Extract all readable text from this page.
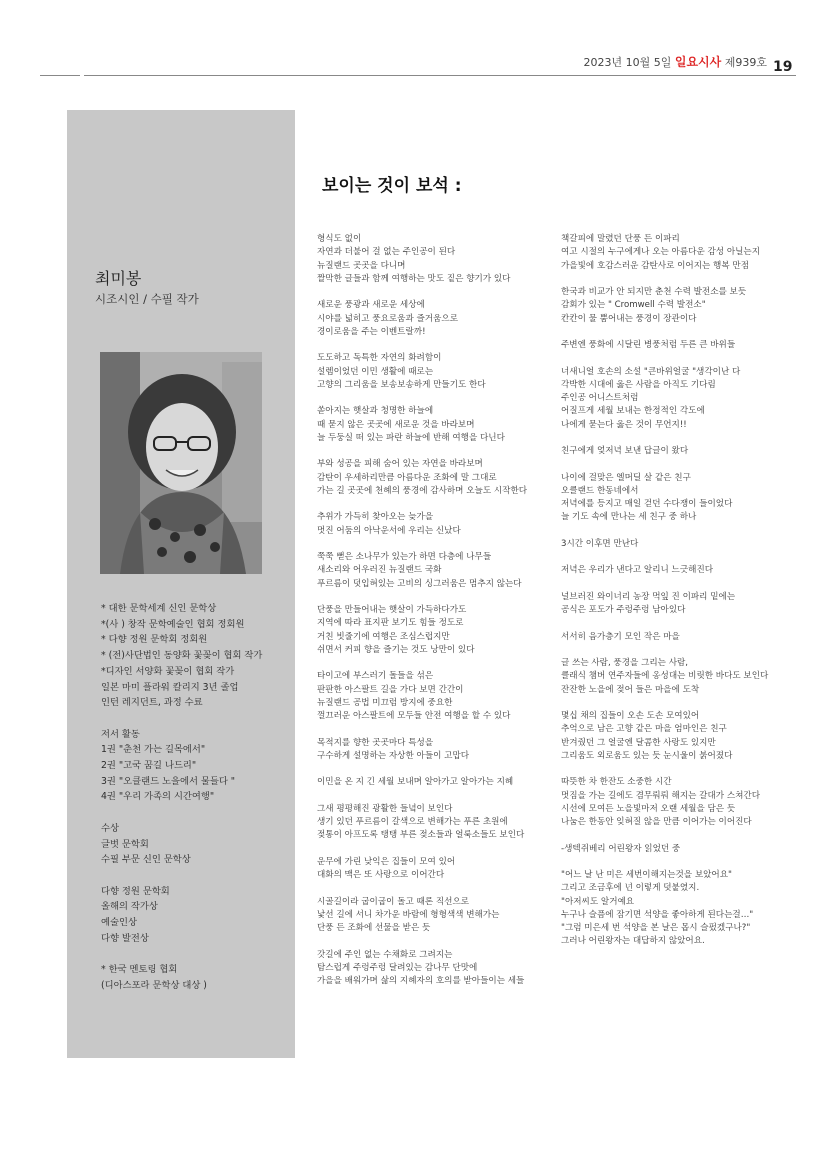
2023년 10월 5일 일요시사 제939호 19
최미봉
시조시인 / 수필 작가
* 대한 문학세계 신인 문학상
*(사 ) 창작 문학예술인 협회 정회원
* 다향 정원 문학회 정회원
* (전)사단법인 동양화 꽃꽂이 협회 작가
*디자인 서양화 꽃꽂이 협회 작가
일본 마미 플라워 칼리지 3년 졸업
인턴 레지던트, 과정 수료
저서 활동
1권 "춘천 가는 길목에서"
2권 "고국 꿈길 나드리"
3권 "오클랜드 노을에서 물들다 "
4권 "우리 가족의 시간여행"
수상
글벗 문학회
수필 부문 신인 문학상
다향 정원 문학회
올해의 작가상
예술인상
다향 발전상
* 한국 멘토링 협회
(디아스포라 문학상 대상 )
보이는 것이 보석 :
형식도 없이
자연과 더불어 걸 없는 주인공이 된다
뉴질랜드 곳곳을 다니며
짤막한 글들과 함께 여행하는 맛도 짙은 향기가 있다
새로운 풍광과 새로운 세상에
시야를 넓히고 풍요로움과 즐거움으로
경이로움을 주는 이벤트랄까!
도도하고 독특한 자연의 화려함이
설렘이었던 이민 생활에 때로는
고향의 그리움을 보송보송하게 만들기도 한다
쏟아지는 햇살과 청명한 하늘에
때 묻지 않은 곳곳에 새로운 것을 바라보며
늘 두둥실 떠 있는 파란 하늘에 반해 여행을 다닌다
부와 성공을 피해 숨어 있는 자연을 바라보며
감탄이 우세하리만큼 아름다운 조화에 말 그대로
가는 길 곳곳에 천혜의 풍경에 감사하며 오늘도 시작한다
추위가 가득히 찾아오는 늦가을
멋진 어둠의 아낙운서에 우리는 신났다
쭉쭉 뻗은 소나무가 있는가 하면 다층에 나무들
새소리와 어우러진 뉴질랜드 국화
푸르름이 덧입혀있는 고비의 싱그러움은 멈추지 않는다
단풍을 만들어내는 햇살이 가득하다가도
지역에 따라 표지판 보기도 힘들 정도로
거친 빗줄기에 여행은 조심스럽지만
쉬면서 커피 향을 즐기는 것도 낭만이 있다
타이고에 부스러기 돌들을 섞은
판판한 아스팔트 길을 가다 보면 간간이
뉴질랜드 공법 미끄럼 방지에 중요한
껄끄러운 아스팔트에 모두들 안전 여행을 할 수 있다
목적지를 향한 곳곳마다 특성을
구수하게 설명하는 자상한 아들이 고맙다
이민을 온 지 긴 세월 보내며 알아가고 알아가는 지혜
그새 평평해진 광활한 들녘이 보인다
생기 있던 푸르름이 갈색으로 변해가는 푸른 초원에
젖통이 아프도록 탱탱 부른 젖소들과 얼룩소들도 보인다
운무에 가린 낮익은 집들이 모여 있어
대화의 맥은 또 사랑으로 이어간다
시골길이라 굽이굽이 돌고 때론 직선으로
낯선 길에 서니 차가운 바람에 형형색색 변해가는
단풍 든 조화에 선물을 받은 듯
갓길에 주인 없는 수채화로 그려지는
탐스럽게 주렁주렁 달려있는 감나무 단맛에
가을을 배워가며 삶의 지혜자의 호의를 받아들이는 세들
책갈피에 말렸던 단풍 든 이파리
여고 시절의 누구에게나 오는 아름다운 감성 아닐는지
가을빛에 호감스러운 감탄사로 이어지는 행복 만점
한국과 비교가 안 되지만 춘천 수력 발전소를 보듯
감회가 있는 " Cromwell 수력 발전소"
칸칸이 물 뿜어내는 풍경이 장관이다
주변엔 풍화에 시달린 병풍처럼 두른 큰 바위들
너새니얼 호손의 소설 "큰바위얼굴 "생각이난 다
각박한 시대에 옳은 사람을 아직도 기다림
주인공 어니스트처럼
어질프게 세월 보내는 한정적인 각도에
나에게 묻는다 옳은 것이 무언지!!
친구에게 엊저녁 보낸 답글이 왔다
나이에 걸맞은 엘머딜 살 같은 친구
오클랜드 한동네에서
저녁에를 등지고 매일 걷던 수다쟁이 들이었다
늘 기도 속에 만나는 세 친구 중 하나
3시간 이후면 만난다
저녁은 우리가 낸다고 알리니 느긋해진다
널브러진 와이너리 농장 먹잎 진 이파리 밑에는
공식은 포도가 주렁주렁 남아있다
서서히 음가층기 모인 작은 마을
글 쓰는 사람, 풍경을 그리는 사람,
클래식 챔버 연주자들에 옹성대는 비릿한 바다도 보인다
잔잔한 노을에 젖어 들은 마을에 도착
몇십 채의 집들이 오손 도손 모여있어
추억으로 남은 고향 같은 마을 엄마인은 친구
반겨줬던 그 얼굴엔 달콤한 사랑도 있지만
그리움도 외로움도 있는 듯 눈시울이 붉어졌다
따뜻한 차 한잔도 소중한 시간
멋짐을 가는 길에도 겸무뤄뤄 해지는 갈대가 스쳐간다
시선에 모여든 노을빛마저 오랜 세월을 담은 듯
나눔은 한동안 잊혀질 않을 만큼 이어가는 이어진다
-생텍쥐베리 어린왕자 읽었던 중
"어느 날 난 미은 세번이해지는것을 보았어요"
그리고 조금후에 넌 이렇게 덧붙였지.
"아저씨도 알거예요
누구나 슬픔에 잠기면 석양을 좋아하게 된다는걸…"
"그럼 미은세 번 석양을 본 날은 몹시 슬펐겠구나?"
그러나 어린왕자는 대답하지 않았어요.
